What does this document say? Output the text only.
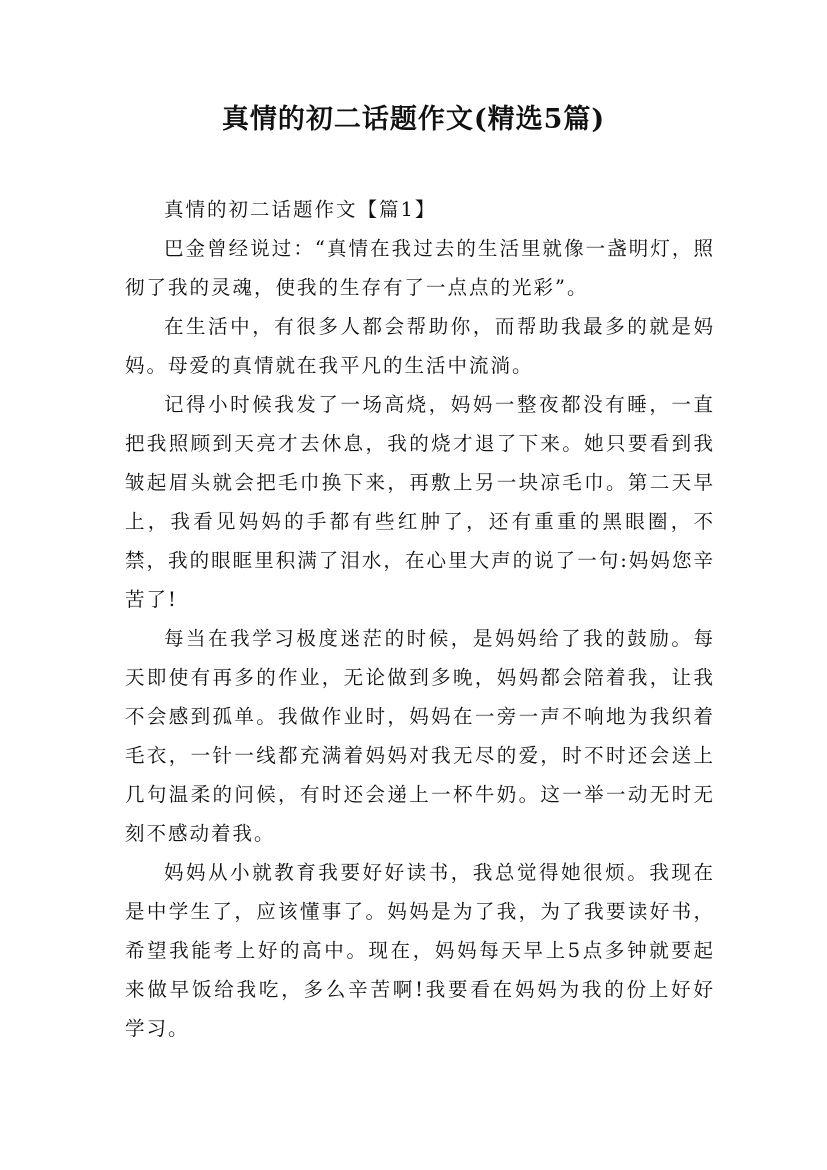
真情的初二话题作文(精选5篇)

真情的初二话题作文【篇1】

巴金曾经说过：“真情在我过去的生活里就像一盏明灯，照彻了我的灵魂，使我的生存有了一点点的光彩”。

在生活中，有很多人都会帮助你，而帮助我最多的就是妈妈。母爱的真情就在我平凡的生活中流淌。

记得小时候我发了一场高烧，妈妈一整夜都没有睡，一直把我照顾到天亮才去休息，我的烧才退了下来。她只要看到我皱起眉头就会把毛巾换下来，再敷上另一块凉毛巾。第二天早上，我看见妈妈的手都有些红肿了，还有重重的黑眼圈，不禁，我的眼眶里积满了泪水，在心里大声的说了一句:妈妈您辛苦了!

每当在我学习极度迷茫的时候，是妈妈给了我的鼓励。每天即使有再多的作业，无论做到多晚，妈妈都会陪着我，让我不会感到孤单。我做作业时，妈妈在一旁一声不响地为我织着毛衣，一针一线都充满着妈妈对我无尽的爱，时不时还会送上几句温柔的问候，有时还会递上一杯牛奶。这一举一动无时无刻不感动着我。

妈妈从小就教育我要好好读书，我总觉得她很烦。我现在是中学生了，应该懂事了。妈妈是为了我，为了我要读好书，希望我能考上好的高中。现在，妈妈每天早上5点多钟就要起来做早饭给我吃，多么辛苦啊!我要看在妈妈为我的份上好好学习。
